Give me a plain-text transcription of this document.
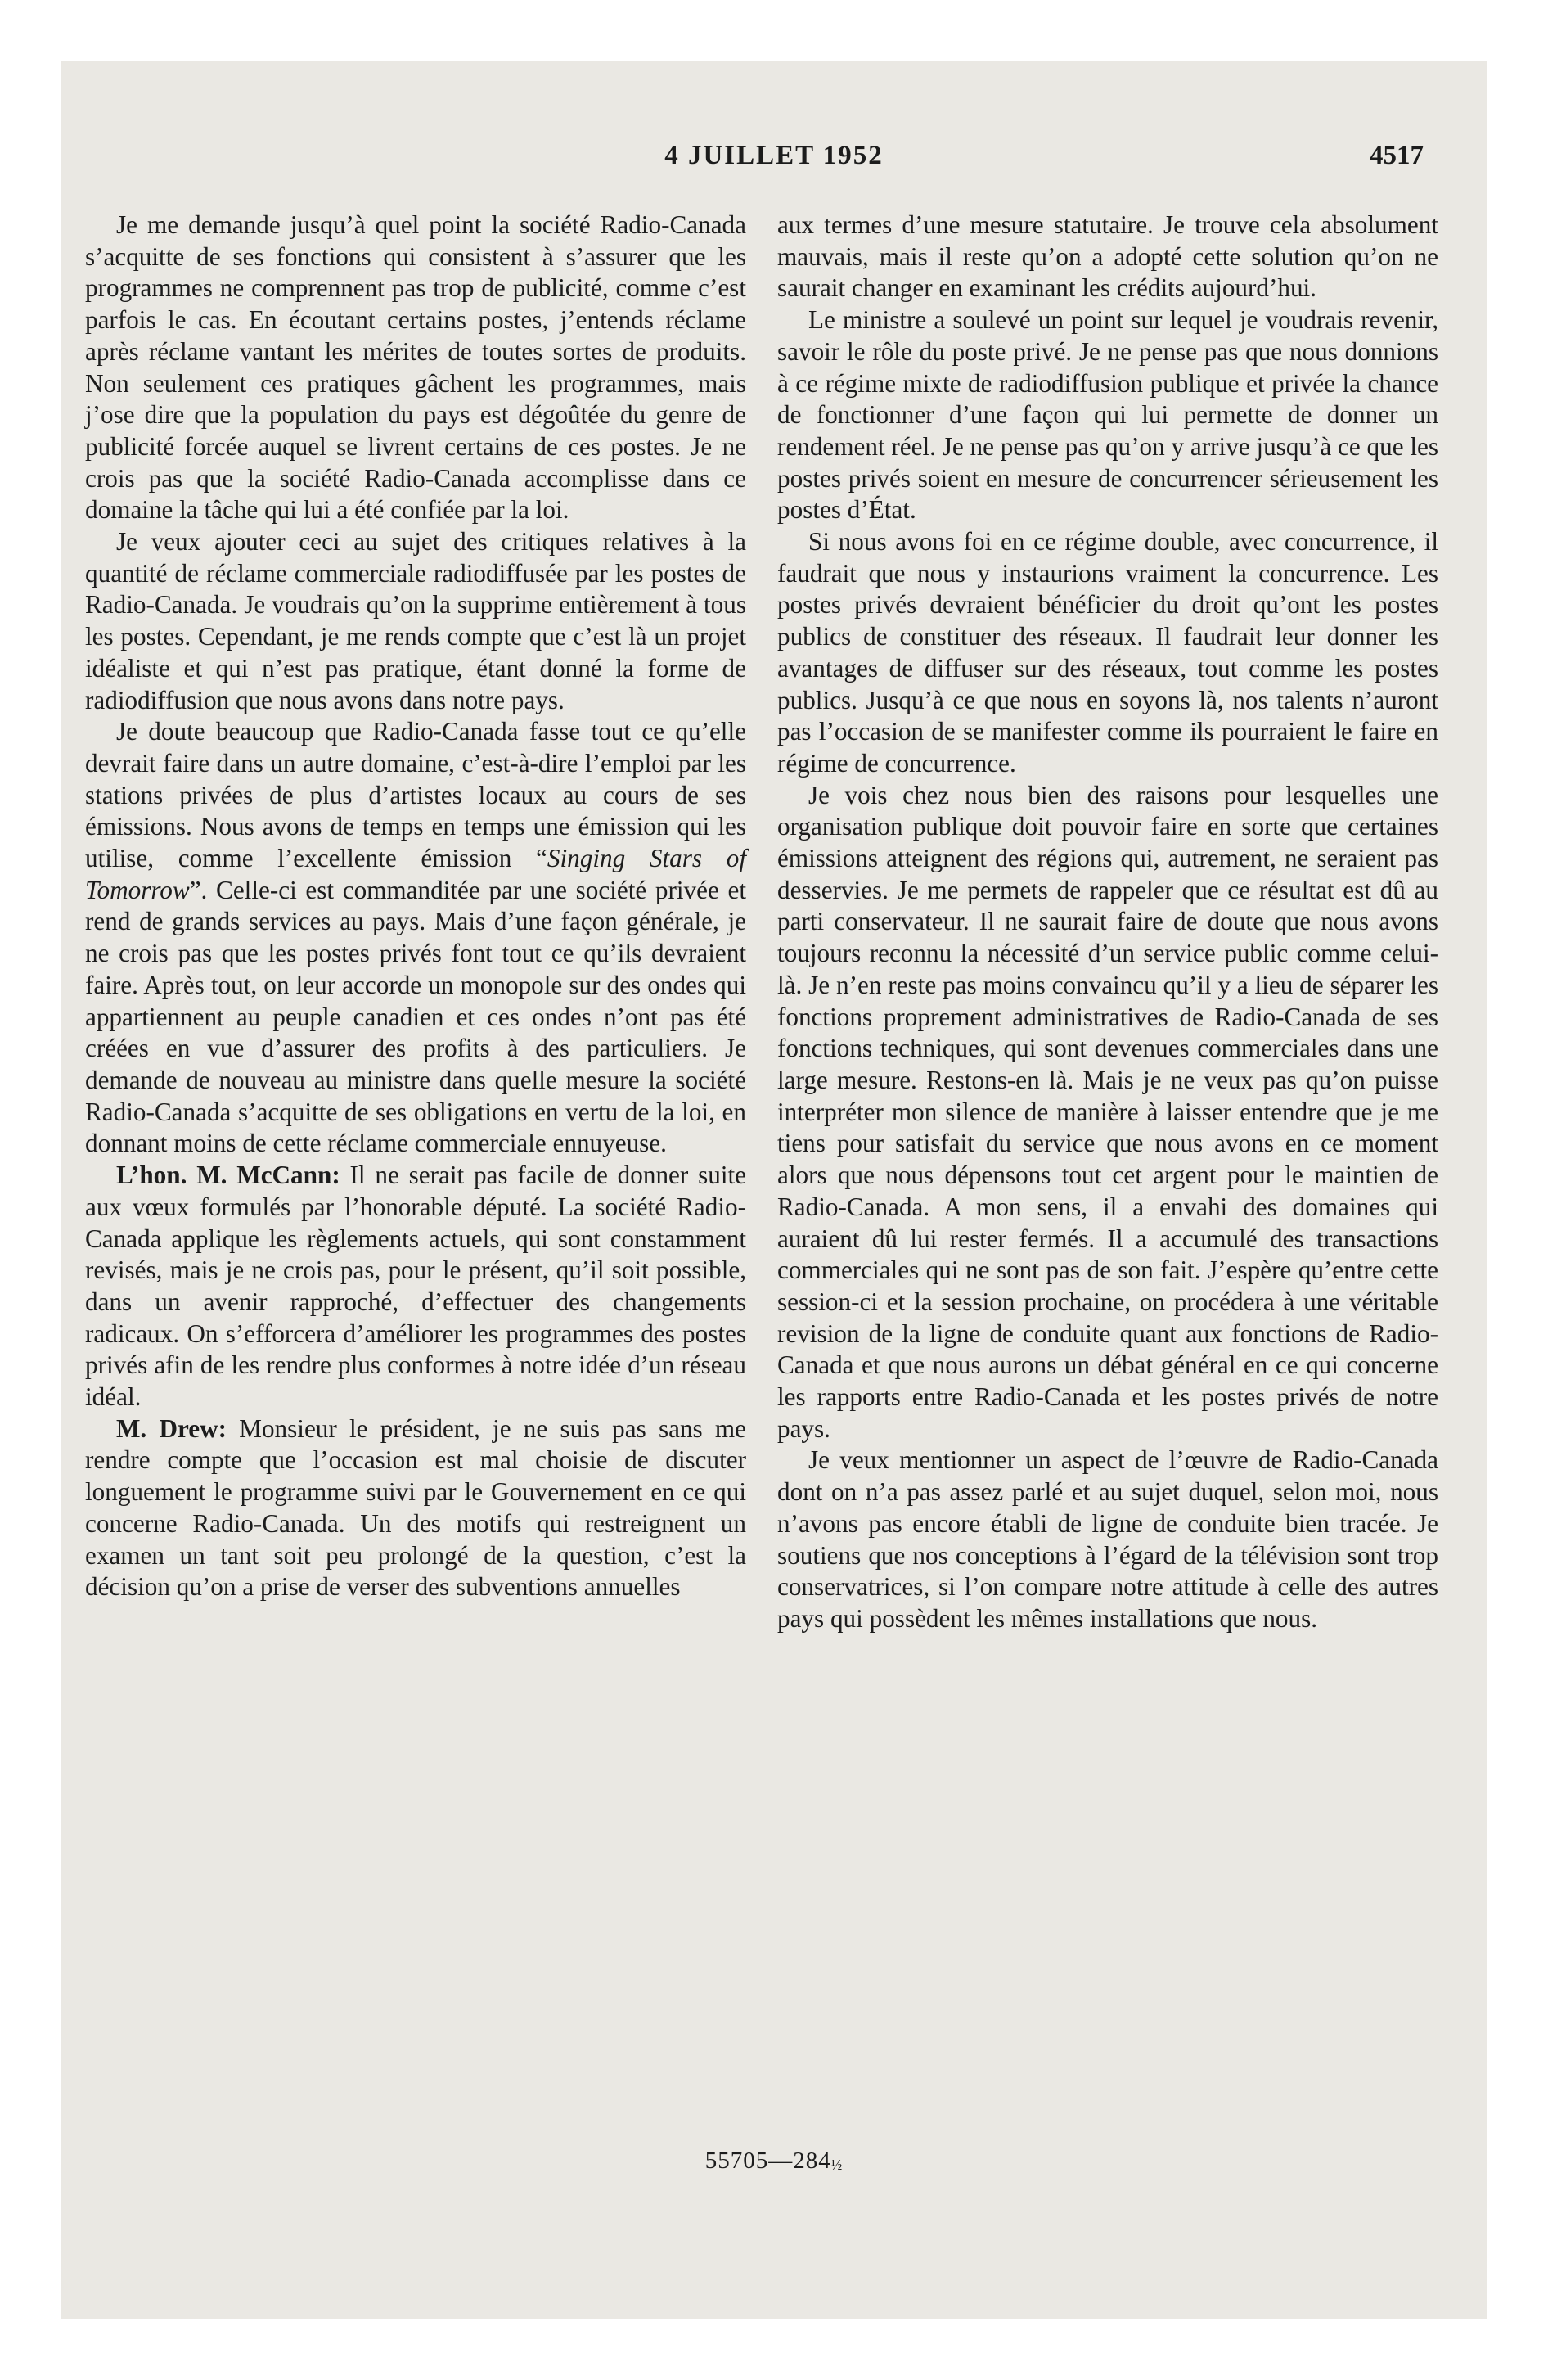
4 JUILLET 1952	4517

Je me demande jusqu’à quel point la société Radio-Canada s’acquitte de ses fonctions qui consistent à s’assurer que les programmes ne comprennent pas trop de publicité, comme c’est parfois le cas. En écoutant certains postes, j’entends réclame après réclame vantant les mérites de toutes sortes de produits. Non seulement ces pratiques gâchent les programmes, mais j’ose dire que la population du pays est dégoûtée du genre de publicité forcée auquel se livrent certains de ces postes. Je ne crois pas que la société Radio-Canada accomplisse dans ce domaine la tâche qui lui a été confiée par la loi.

Je veux ajouter ceci au sujet des critiques relatives à la quantité de réclame commerciale radiodiffusée par les postes de Radio-Canada. Je voudrais qu’on la supprime entièrement à tous les postes. Cependant, je me rends compte que c’est là un projet idéaliste et qui n’est pas pratique, étant donné la forme de radiodiffusion que nous avons dans notre pays.

Je doute beaucoup que Radio-Canada fasse tout ce qu’elle devrait faire dans un autre domaine, c’est-à-dire l’emploi par les stations privées de plus d’artistes locaux au cours de ses émissions. Nous avons de temps en temps une émission qui les utilise, comme l’excellente émission “Singing Stars of Tomorrow”. Celle-ci est commanditée par une société privée et rend de grands services au pays. Mais d’une façon générale, je ne crois pas que les postes privés font tout ce qu’ils devraient faire. Après tout, on leur accorde un monopole sur des ondes qui appartiennent au peuple canadien et ces ondes n’ont pas été créées en vue d’assurer des profits à des particuliers. Je demande de nouveau au ministre dans quelle mesure la société Radio-Canada s’acquitte de ses obligations en vertu de la loi, en donnant moins de cette réclame commerciale ennuyeuse.

L’hon. M. McCann: Il ne serait pas facile de donner suite aux vœux formulés par l’honorable député. La société Radio-Canada applique les règlements actuels, qui sont constamment revisés, mais je ne crois pas, pour le présent, qu’il soit possible, dans un avenir rapproché, d’effectuer des changements radicaux. On s’efforcera d’améliorer les programmes des postes privés afin de les rendre plus conformes à notre idée d’un réseau idéal.

M. Drew: Monsieur le président, je ne suis pas sans me rendre compte que l’occasion est mal choisie de discuter longuement le programme suivi par le Gouvernement en ce qui concerne Radio-Canada. Un des motifs qui restreignent un examen un tant soit peu prolongé de la question, c’est la décision qu’on a prise de verser des subventions annuelles

aux termes d’une mesure statutaire. Je trouve cela absolument mauvais, mais il reste qu’on a adopté cette solution qu’on ne saurait changer en examinant les crédits aujourd’hui.

Le ministre a soulevé un point sur lequel je voudrais revenir, savoir le rôle du poste privé. Je ne pense pas que nous donnions à ce régime mixte de radiodiffusion publique et privée la chance de fonctionner d’une façon qui lui permette de donner un rendement réel. Je ne pense pas qu’on y arrive jusqu’à ce que les postes privés soient en mesure de concurrencer sérieusement les postes d’État.

Si nous avons foi en ce régime double, avec concurrence, il faudrait que nous y instaurions vraiment la concurrence. Les postes privés devraient bénéficier du droit qu’ont les postes publics de constituer des réseaux. Il faudrait leur donner les avantages de diffuser sur des réseaux, tout comme les postes publics. Jusqu’à ce que nous en soyons là, nos talents n’auront pas l’occasion de se manifester comme ils pourraient le faire en régime de concurrence.

Je vois chez nous bien des raisons pour lesquelles une organisation publique doit pouvoir faire en sorte que certaines émissions atteignent des régions qui, autrement, ne seraient pas desservies. Je me permets de rappeler que ce résultat est dû au parti conservateur. Il ne saurait faire de doute que nous avons toujours reconnu la nécessité d’un service public comme celui-là. Je n’en reste pas moins convaincu qu’il y a lieu de séparer les fonctions proprement administratives de Radio-Canada de ses fonctions techniques, qui sont devenues commerciales dans une large mesure. Restons-en là. Mais je ne veux pas qu’on puisse interpréter mon silence de manière à laisser entendre que je me tiens pour satisfait du service que nous avons en ce moment alors que nous dépensons tout cet argent pour le maintien de Radio-Canada. A mon sens, il a envahi des domaines qui auraient dû lui rester fermés. Il a accumulé des transactions commerciales qui ne sont pas de son fait. J’espère qu’entre cette session-ci et la session prochaine, on procédera à une véritable revision de la ligne de conduite quant aux fonctions de Radio-Canada et que nous aurons un débat général en ce qui concerne les rapports entre Radio-Canada et les postes privés de notre pays.

Je veux mentionner un aspect de l’œuvre de Radio-Canada dont on n’a pas assez parlé et au sujet duquel, selon moi, nous n’avons pas encore établi de ligne de conduite bien tracée. Je soutiens que nos conceptions à l’égard de la télévision sont trop conservatrices, si l’on compare notre attitude à celle des autres pays qui possèdent les mêmes installations que nous.

55705—284½
